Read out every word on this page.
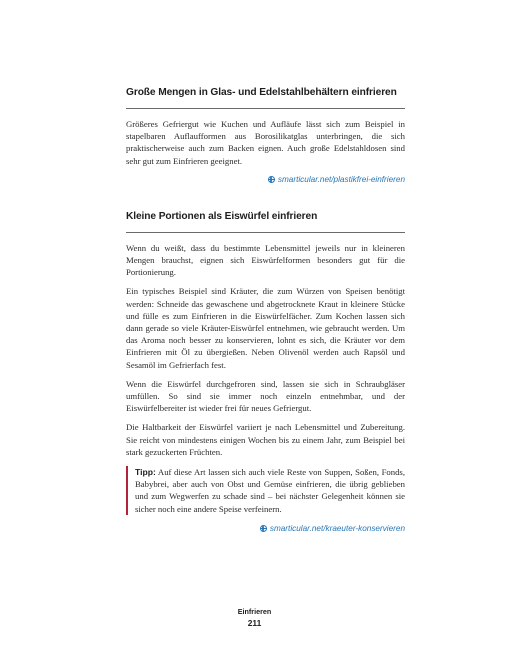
Große Mengen in Glas- und Edelstahlbehältern einfrieren

Größeres Gefriergut wie Kuchen und Aufläufe lässt sich zum Beispiel in stapelbaren Auflaufformen aus Borosilikatglas unterbringen, die sich praktischerweise auch zum Backen eignen. Auch große Edelstahldosen sind sehr gut zum Einfrieren geeignet.

smarticular.net/plastikfrei-einfrieren
Kleine Portionen als Eiswürfel einfrieren

Wenn du weißt, dass du bestimmte Lebensmittel jeweils nur in kleineren Mengen brauchst, eignen sich Eiswürfelformen besonders gut für die Portionierung.

Ein typisches Beispiel sind Kräuter, die zum Würzen von Speisen benötigt werden: Schneide das gewaschene und abgetrocknete Kraut in kleinere Stücke und fülle es zum Einfrieren in die Eiswürfelfächer. Zum Kochen lassen sich dann gerade so viele Kräuter-Eiswürfel entnehmen, wie gebraucht werden. Um das Aroma noch besser zu konservieren, lohnt es sich, die Kräuter vor dem Einfrieren mit Öl zu übergießen. Neben Olivenöl werden auch Rapsöl und Sesamöl im Gefrierfach fest.

Wenn die Eiswürfel durchgefroren sind, lassen sie sich in Schraubgläser umfüllen. So sind sie immer noch einzeln entnehmbar, und der Eiswürfelbereiter ist wieder frei für neues Gefriergut.

Die Haltbarkeit der Eiswürfel variiert je nach Lebensmittel und Zubereitung. Sie reicht von mindestens einigen Wochen bis zu einem Jahr, zum Beispiel bei stark gezuckerten Früchten.

Tipp: Auf diese Art lassen sich auch viele Reste von Suppen, Soßen, Fonds, Babybrei, aber auch von Obst und Gemüse einfrieren, die übrig geblieben und zum Wegwerfen zu schade sind – bei nächster Gelegenheit können sie sicher noch eine andere Speise verfeinern.

smarticular.net/kraeuter-konservieren
Einfrieren
211
